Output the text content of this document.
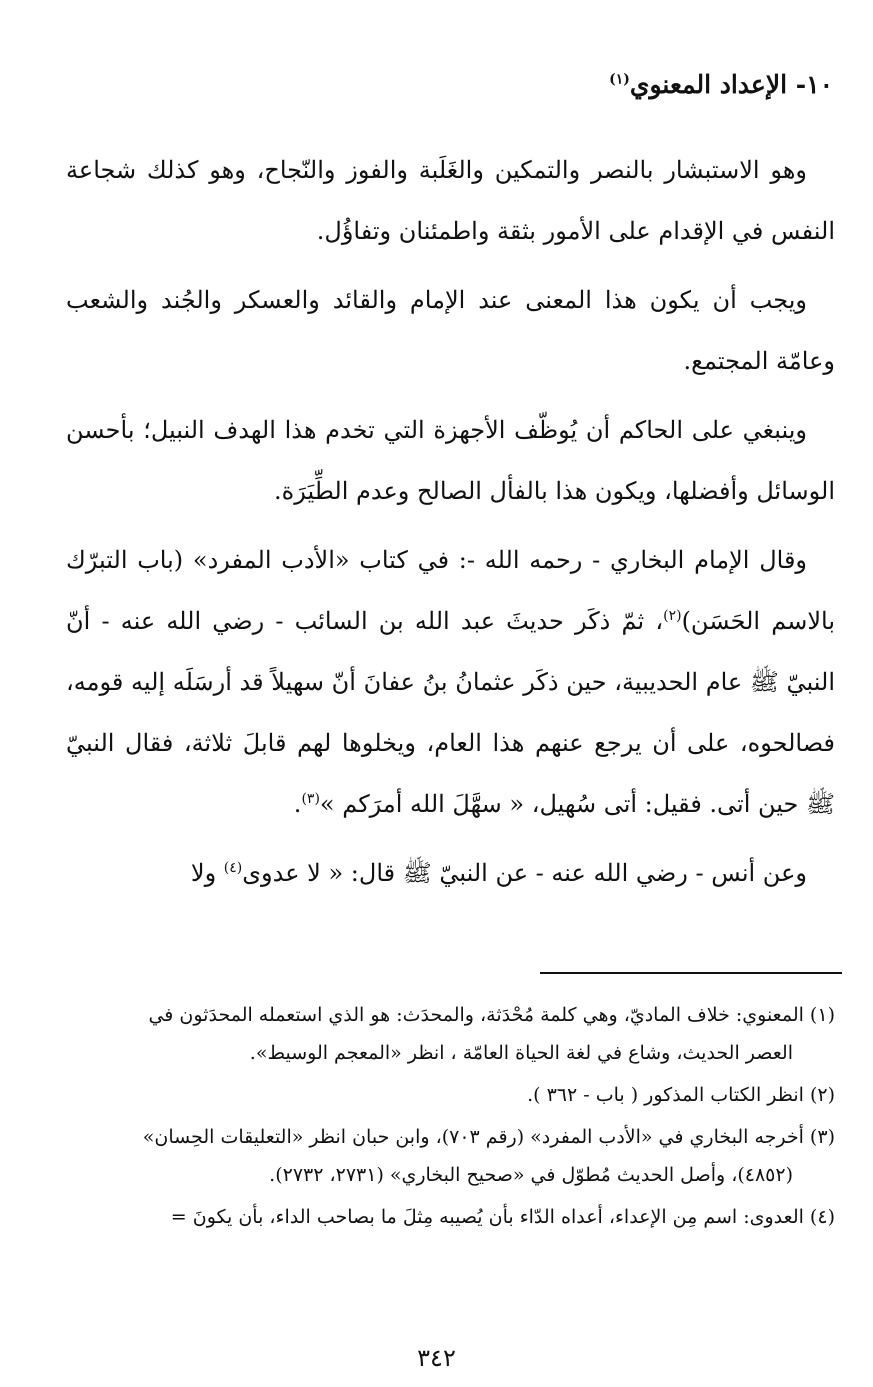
١٠- الإعداد المعنوي$^{(١)}$

وهو الاستبشار بالنصر والتمكين والغَلَبة والفوز والنّجاح، وهو كذلك شجاعة النفس في الإقدام على الأمور بثقة واطمئنان وتفاؤُل.

ويجب أن يكون هذا المعنى عند الإمام والقائد والعسكر والجُند والشعب وعامّة المجتمع.

وينبغي على الحاكم أن يُوظّف الأجهزة التي تخدم هذا الهدف النبيل؛ بأحسن الوسائل وأفضلها، ويكون هذا بالفأل الصالح وعدم الطِّيَرَة.

وقال الإمام البخاري - رحمه الله -: في كتاب «الأدب المفرد» (باب التبرّك بالاسم الحَسَن)$^{(٢)}$، ثمّ ذكَر حديثَ عبد الله بن السائب - رضي الله عنه - أنّ النبيّ ﷺ عام الحديبية، حين ذكَر عثمانُ بنُ عفانَ أنّ سهيلاً قد أرسَلَه إليه قومه، فصالحوه، على أن يرجع عنهم هذا العام، ويخلوها لهم قابلَ ثلاثة، فقال النبيّ ﷺ حين أتى. فقيل: أتى سُهيل، « سهَّلَ الله أمرَكم »$^{(٣)}$.

وعن أنس - رضي الله عنه - عن النبيّ ﷺ قال: « لا عدوى$^{(٤)}$ ولا

(١) المعنوي: خلاف الماديّ، وهي كلمة مُحْدَثة، والمحدَث: هو الذي استعمله المحدَثون في
العصر الحديث، وشاع في لغة الحياة العامّة ، انظر «المعجم الوسيط».

(٢) انظر الكتاب المذكور ( باب - ٣٦٢ ).

(٣) أخرجه البخاري في «الأدب المفرد» (رقم ٧٠٣)، وابن حبان انظر «التعليقات الحِسان»
(٤٨٥٢)، وأصل الحديث مُطوّل في «صحيح البخاري» (٢٧٣١، ٢٧٣٢).

(٤) العدوى: اسم مِن الإعداء، أعداه الدّاء بأن يُصيبه مِثلَ ما بصاحب الداء، بأن يكونَ =

٣٤٢
